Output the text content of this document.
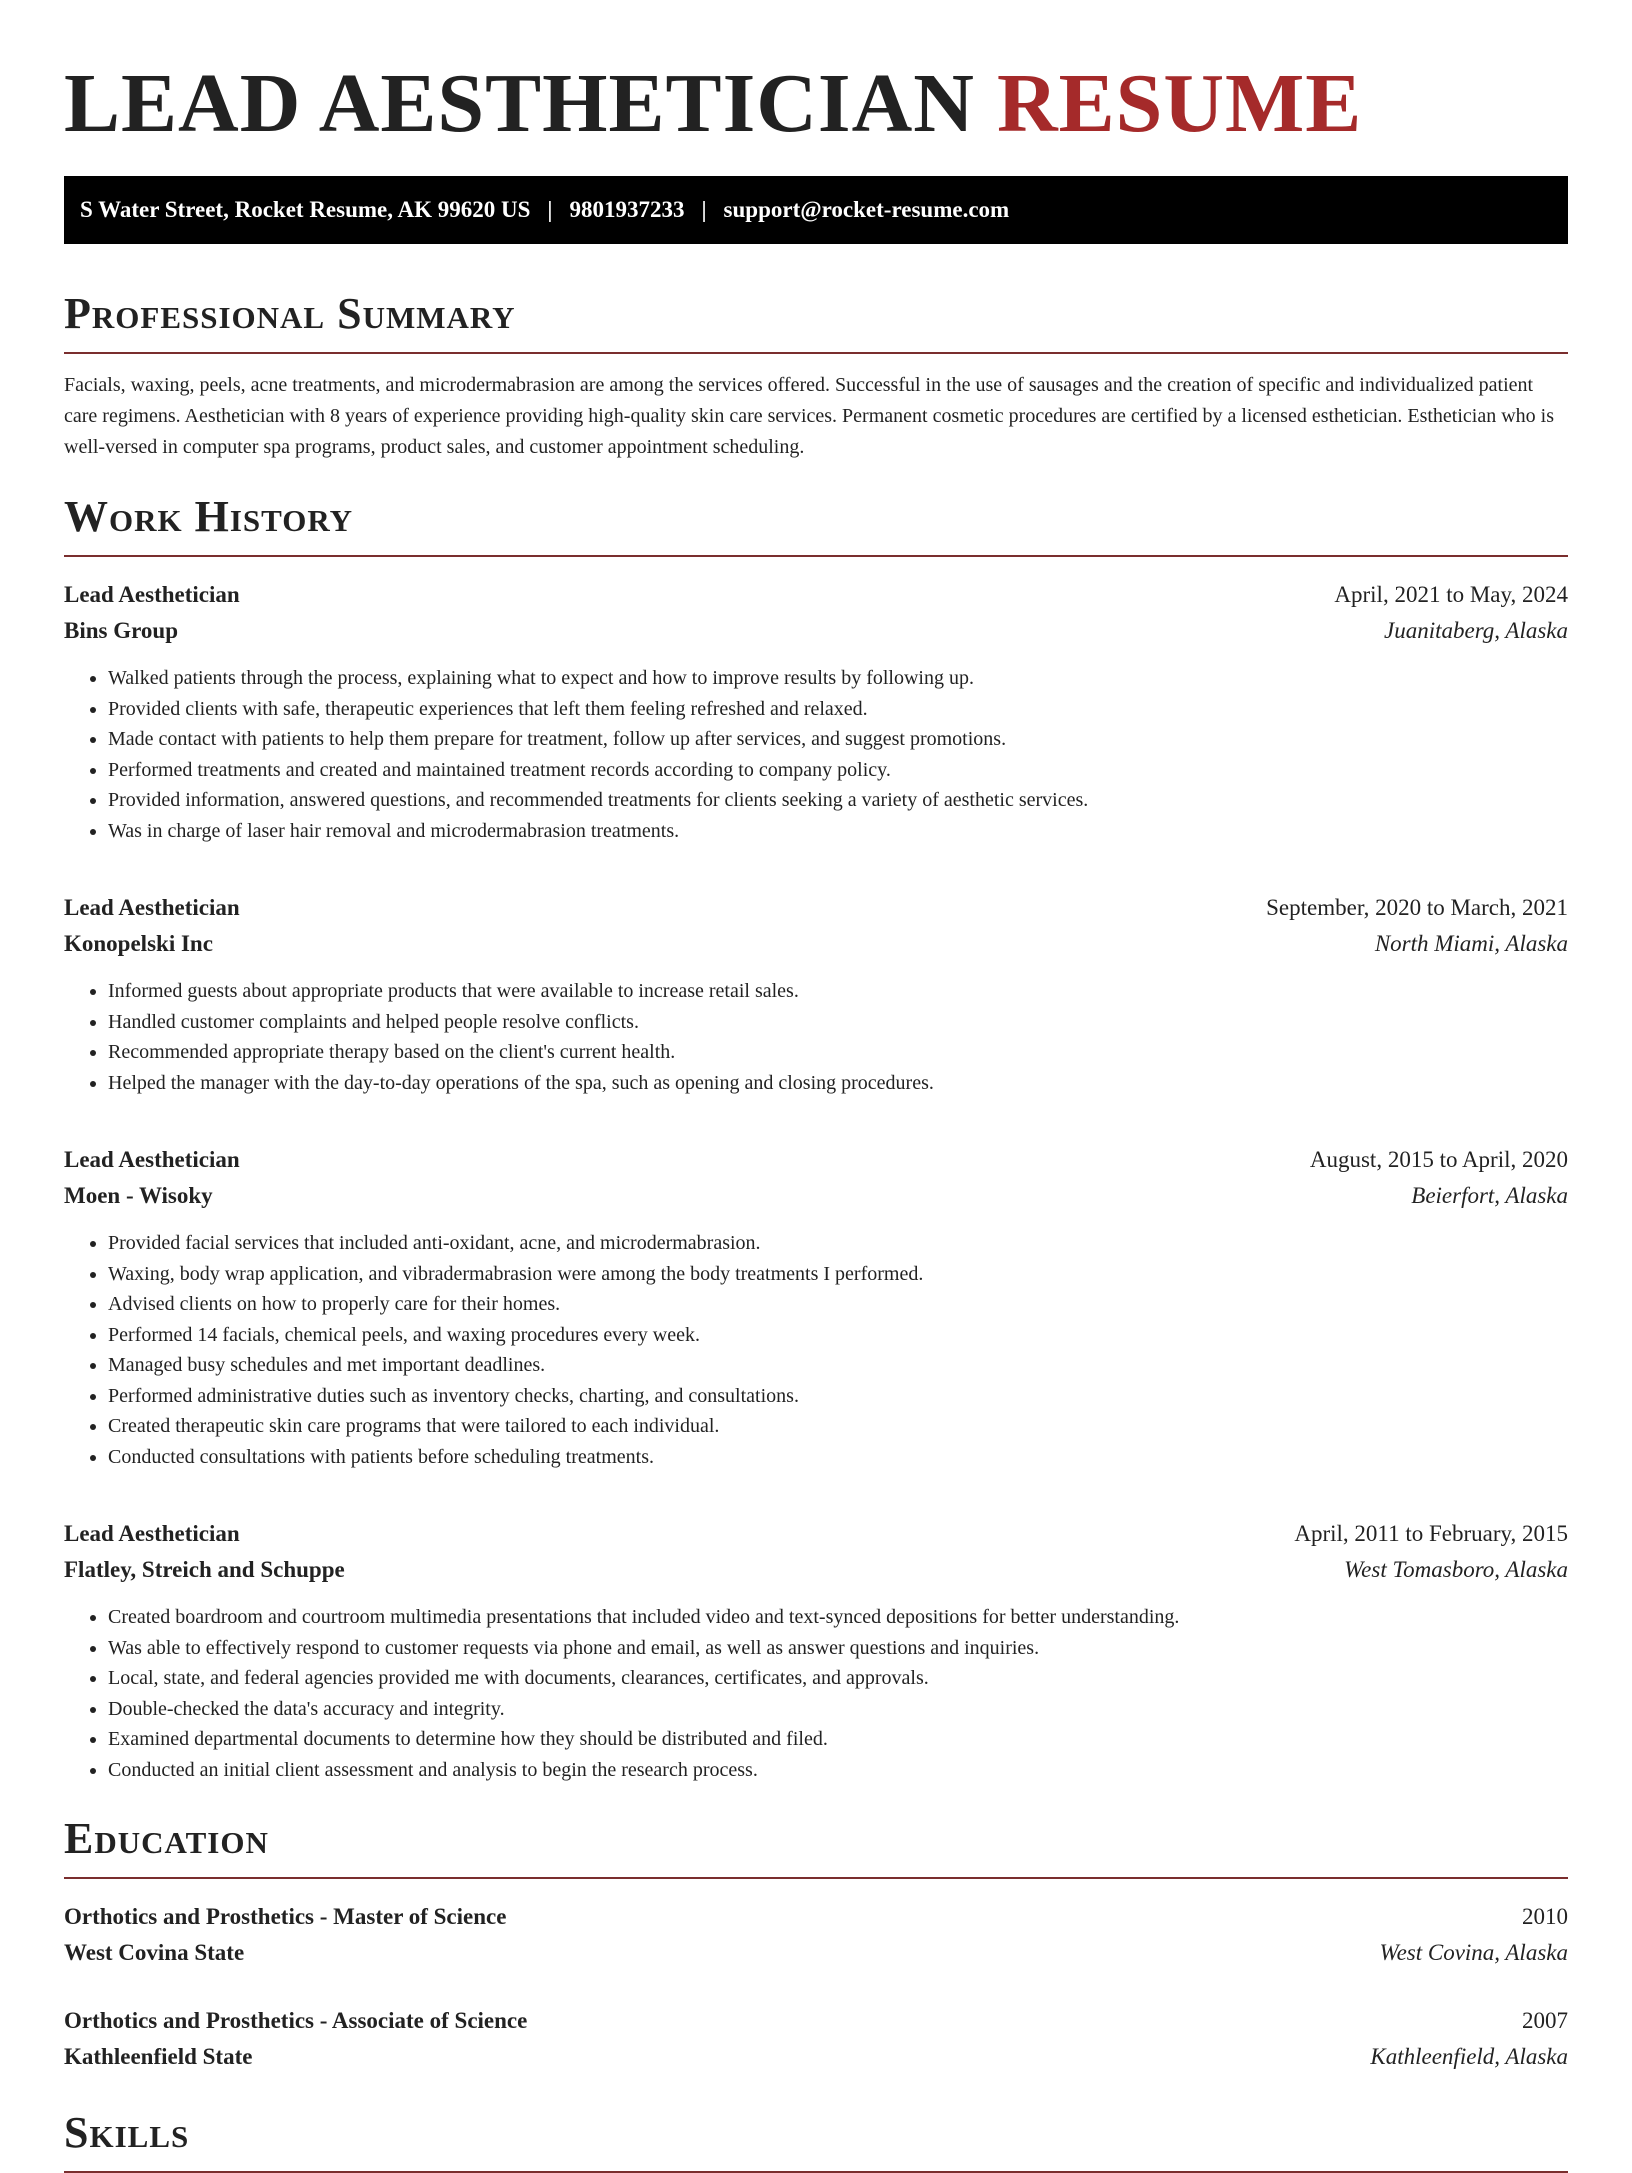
LEAD AESTHETICIAN RESUME
S Water Street, Rocket Resume, AK 99620 US | 9801937233 | support@rocket-resume.com
Professional Summary

Facials, waxing, peels, acne treatments, and microdermabrasion are among the services offered. Successful in the use of sausages and the creation of specific and individualized patient care regimens. Aesthetician with 8 years of experience providing high-quality skin care services. Permanent cosmetic procedures are certified by a licensed esthetician. Esthetician who is well-versed in computer spa programs, product sales, and customer appointment scheduling.

Work History
Lead Aesthetician	April, 2021 to May, 2024
Bins Group	Juanitaberg, Alaska
• Walked patients through the process, explaining what to expect and how to improve results by following up.
• Provided clients with safe, therapeutic experiences that left them feeling refreshed and relaxed.
• Made contact with patients to help them prepare for treatment, follow up after services, and suggest promotions.
• Performed treatments and created and maintained treatment records according to company policy.
• Provided information, answered questions, and recommended treatments for clients seeking a variety of aesthetic services.
• Was in charge of laser hair removal and microdermabrasion treatments.
Lead Aesthetician	September, 2020 to March, 2021
Konopelski Inc	North Miami, Alaska
• Informed guests about appropriate products that were available to increase retail sales.
• Handled customer complaints and helped people resolve conflicts.
• Recommended appropriate therapy based on the client's current health.
• Helped the manager with the day-to-day operations of the spa, such as opening and closing procedures.
Lead Aesthetician	August, 2015 to April, 2020
Moen - Wisoky	Beierfort, Alaska
• Provided facial services that included anti-oxidant, acne, and microdermabrasion.
• Waxing, body wrap application, and vibradermabrasion were among the body treatments I performed.
• Advised clients on how to properly care for their homes.
• Performed 14 facials, chemical peels, and waxing procedures every week.
• Managed busy schedules and met important deadlines.
• Performed administrative duties such as inventory checks, charting, and consultations.
• Created therapeutic skin care programs that were tailored to each individual.
• Conducted consultations with patients before scheduling treatments.
Lead Aesthetician	April, 2011 to February, 2015
Flatley, Streich and Schuppe	West Tomasboro, Alaska
• Created boardroom and courtroom multimedia presentations that included video and text-synced depositions for better understanding.
• Was able to effectively respond to customer requests via phone and email, as well as answer questions and inquiries.
• Local, state, and federal agencies provided me with documents, clearances, certificates, and approvals.
• Double-checked the data's accuracy and integrity.
• Examined departmental documents to determine how they should be distributed and filed.
• Conducted an initial client assessment and analysis to begin the research process.
Education
Orthotics and Prosthetics - Master of Science	2010
West Covina State	West Covina, Alaska
Orthotics and Prosthetics - Associate of Science	2007
Kathleenfield State	Kathleenfield, Alaska
Skills
